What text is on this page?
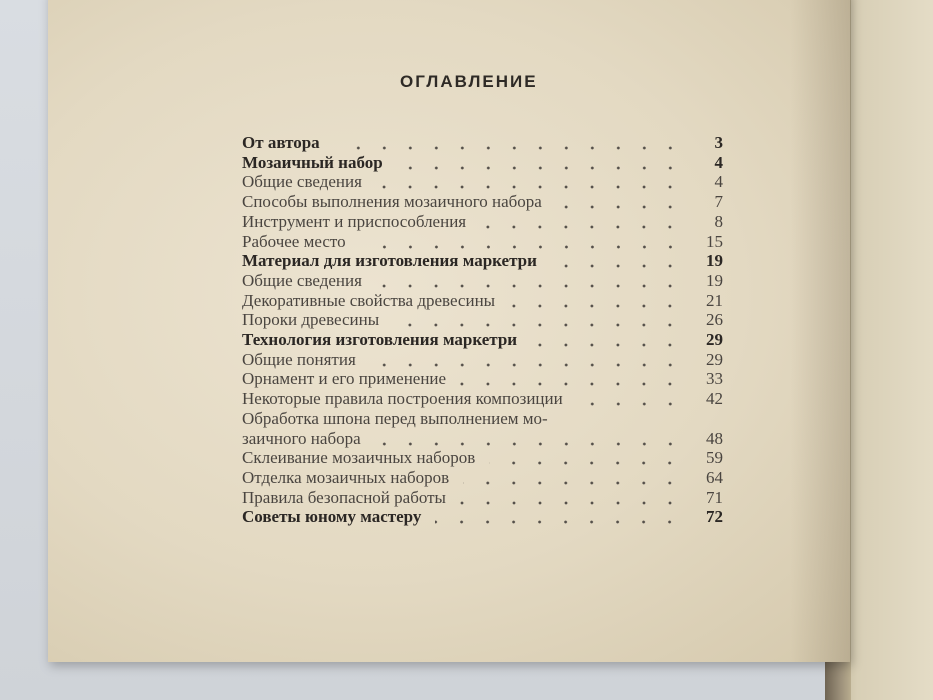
ОГЛАВЛЕНИЕ
От автора	3
Мозаичный набор	4
Общие сведения	4
Способы выполнения мозаичного набора	7
Инструмент и приспособления	8
Рабочее место	15
Материал для изготовления маркетри	19
Общие сведения	19
Декоративные свойства древесины	21
Пороки древесины	26
Технология изготовления маркетри	29
Общие понятия	29
Орнамент и его применение	33
Некоторые правила построения композиции	42
Обработка шпона перед выполнением мо-
заичного набора	48
Склеивание мозаичных наборов	59
Отделка мозаичных наборов	64
Правила безопасной работы	71
Советы юному мастеру	72
